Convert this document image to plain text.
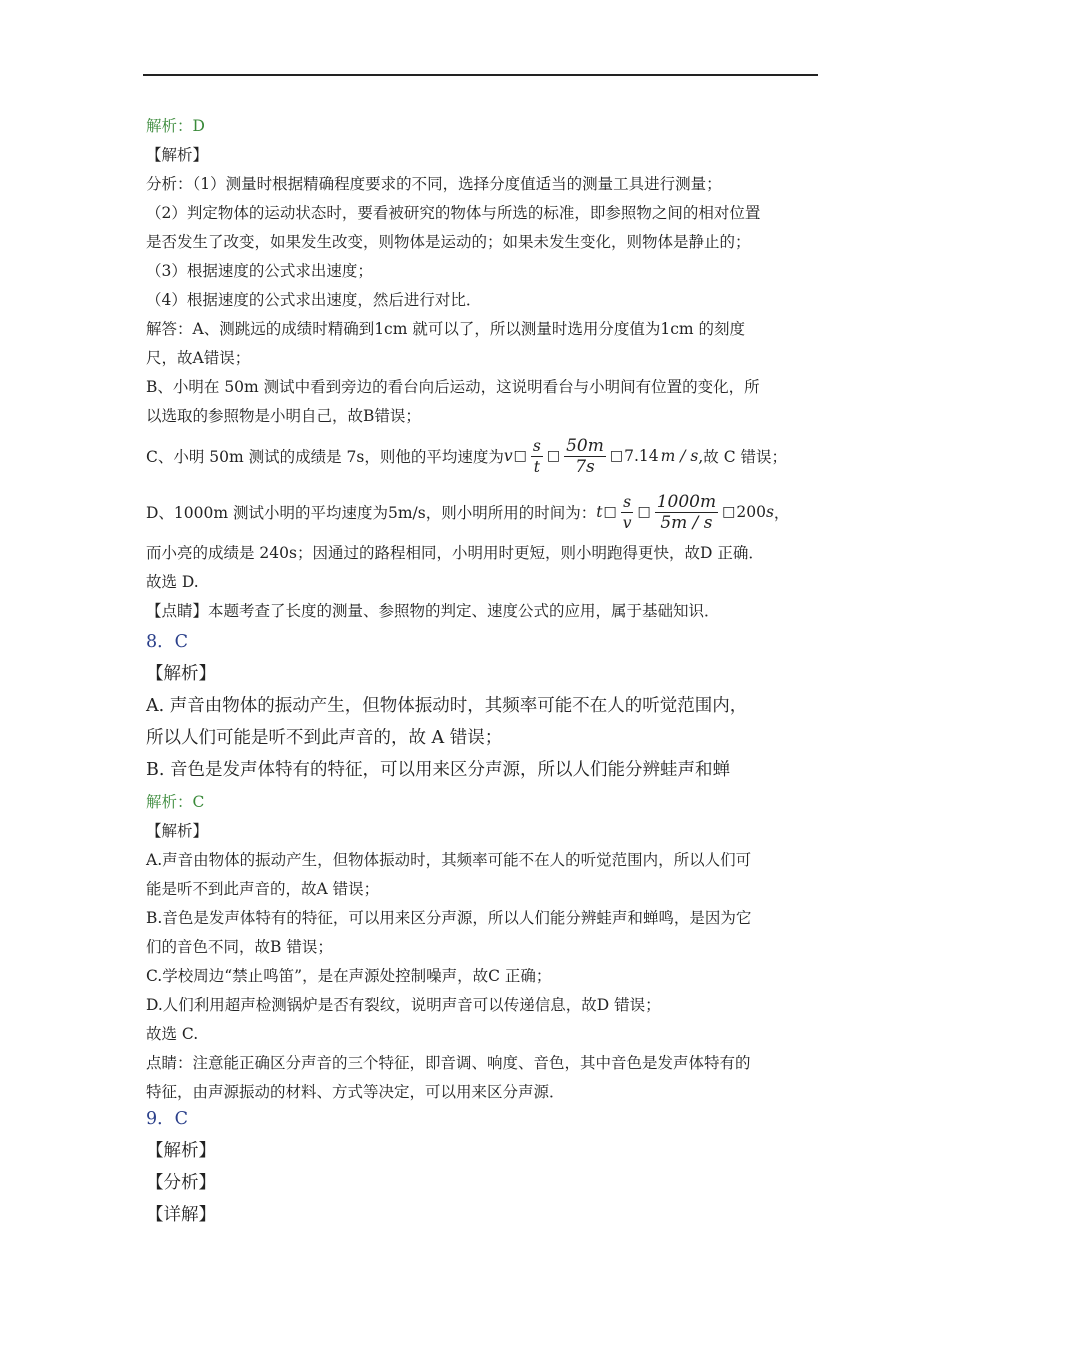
解析：D
【解析】
分析：（1）测量时根据精确程度要求的不同，选择分度值适当的测量工具进行测量；
（2）判定物体的运动状态时，要看被研究的物体与所选的标准，即参照物之间的相对位置
是否发生了改变，如果发生改变，则物体是运动的；如果未发生变化，则物体是静止的；
（3）根据速度的公式求出速度；
（4）根据速度的公式求出速度，然后进行对比．
解答：A、测跳远的成绩时精确到1cm 就可以了，所以测量时选用分度值为1cm 的刻度
尺，故A错误；
B、小明在 50m 测试中看到旁边的看台向后运动，这说明看台与小明间有位置的变化，所
以选取的参照物是小明自己，故B错误；
C、小明 50m 测试的成绩是 7s，则他的平均速度为 v □ $\frac{s}{t}$ □ $\frac{50m}{7s}$ □ 7.14 m / s ,故 C 错误；
D、1000m 测试小明的平均速度为5m/s，则小明所用的时间为： t □ $\frac{s}{v}$ □ $\frac{1000m}{5m / s}$ □ 200 s ，
而小亮的成绩是 240s；因通过的路程相同，小明用时更短，则小明跑得更快，故D 正确．
故选 D.
【点睛】本题考查了长度的测量、参照物的判定、速度公式的应用，属于基础知识．
8．C
【解析】
A. 声音由物体的振动产生，但物体振动时，其频率可能不在人的听觉范围内，
所以人们可能是听不到此声音的，故 A 错误；
B. 音色是发声体特有的特征，可以用来区分声源，所以人们能分辨蛙声和蝉
解析：C
【解析】
A.声音由物体的振动产生，但物体振动时，其频率可能不在人的听觉范围内，所以人们可
能是听不到此声音的，故A 错误；
B.音色是发声体特有的特征，可以用来区分声源，所以人们能分辨蛙声和蝉鸣，是因为它
们的音色不同，故B 错误；
C.学校周边“禁止鸣笛”，是在声源处控制噪声，故C 正确；
D.人们利用超声检测锅炉是否有裂纹，说明声音可以传递信息，故D 错误；
故选 C.
点睛：注意能正确区分声音的三个特征，即音调、响度、音色，其中音色是发声体特有的
特征，由声源振动的材料、方式等决定，可以用来区分声源．
9．C
【解析】
【分析】
【详解】
